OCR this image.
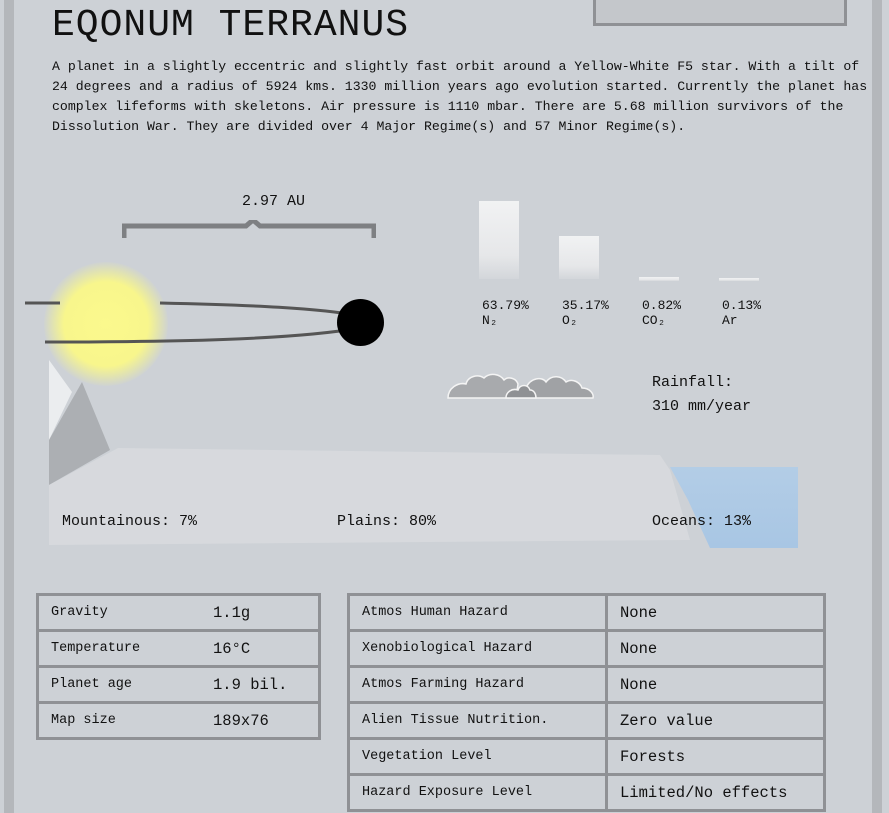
EQONUM TERRANUS

A planet in a slightly eccentric and slightly fast orbit around a Yellow-White F5 star. With a tilt of 24 degrees and a radius of 5924 kms. 1330 million years ago evolution started. Currently the planet has complex lifeforms with skeletons. Air pressure is 1110 mbar. There are 5.68 million survivors of the Dissolution War. They are divided over 4 Major Regime(s) and 57 Minor Regime(s).

2.97 AU
63.79%
N₂
35.17%
O₂
0.82%
CO₂
0.13%
Ar
Rainfall:
310 mm/year
Mountainous: 7%	Plains: 80%	Oceans: 13%
Gravity	1.1g
Temperature	16°C
Planet age	1.9 bil.
Map size	189x76
Atmos Human Hazard	None
Xenobiological Hazard	None
Atmos Farming Hazard	None
Alien Tissue Nutrition.	Zero value
Vegetation Level	Forests
Hazard Exposure Level	Limited/No effects
